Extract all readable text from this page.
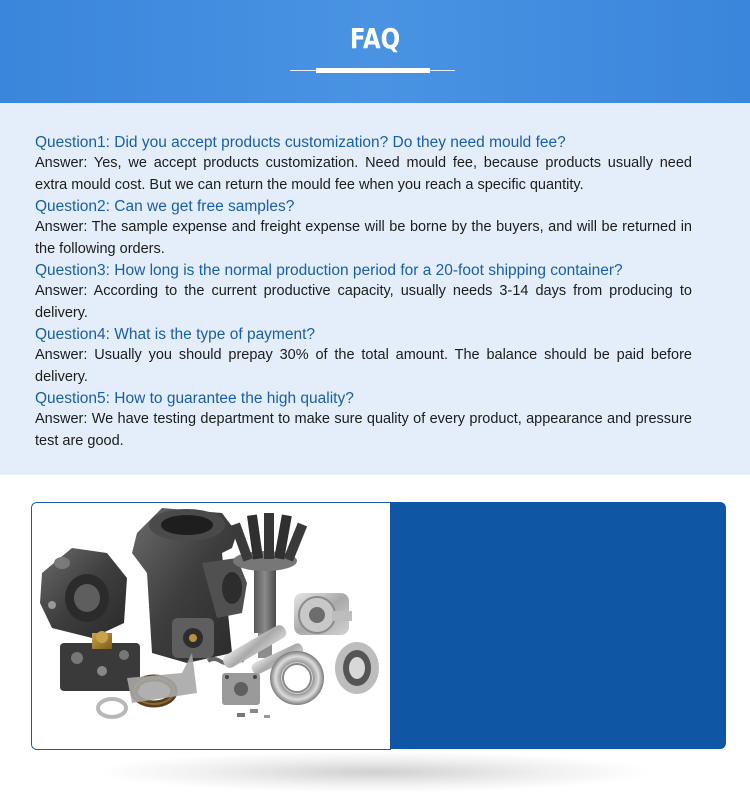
FAQ

Question1: Did you accept products customization? Do they need mould fee?

Answer: Yes, we accept products customization. Need mould fee, because products usually need extra mould cost. But we can return the mould fee when you reach a specific quantity.

Question2: Can we get free samples?

Answer: The sample expense and freight expense will be borne by the buyers, and will be returned in the following orders.

Question3: How long is the normal production period for a 20-foot shipping container?

Answer: According to the current productive capacity, usually needs 3-14 days from producing to delivery.

Question4: What is the type of payment?

Answer: Usually you should prepay 30% of the total amount. The balance should be paid before delivery.

Question5: How to guarantee the high quality?

Answer: We have testing department to make sure quality of every product, appearance and pressure test are good.
